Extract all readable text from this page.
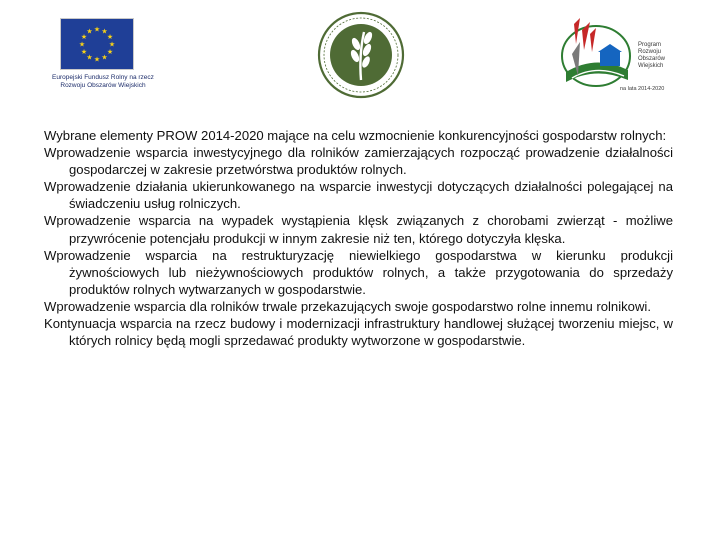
★ ★
★
★
★
★
★
★
★
★
★
★
Europejski Fundusz Rolny na rzecz
Rozwoju Obszarów Wiejskich
Program
Rozwoju
Obszarów
Wiejskich
na lata 2014-2020

Wybrane elementy PROW 2014-2020 mające na celu wzmocnienie konkurencyjności gospodarstw rolnych:

Wprowadzenie wsparcia inwestycyjnego dla rolników zamierzających rozpocząć prowadzenie działalności gospodarczej w zakresie przetwórstwa produktów rolnych.

Wprowadzenie działania ukierunkowanego na wsparcie inwestycji dotyczących działalności polegającej na świadczeniu usług rolniczych.

Wprowadzenie wsparcia na wypadek wystąpienia klęsk związanych z chorobami zwierząt - możliwe przywrócenie potencjału produkcji w innym zakresie niż ten, którego dotyczyła klęska.

Wprowadzenie wsparcia na restrukturyzację niewielkiego gospodarstwa w kierunku produkcji żywnościowych lub nieżywnościowych produktów rolnych, a także przygotowania do sprzedaży produktów rolnych wytwarzanych w gospodarstwie.

Wprowadzenie wsparcia dla rolników trwale przekazujących swoje gospodarstwo rolne innemu rolnikowi.

Kontynuacja wsparcia na rzecz budowy i modernizacji infrastruktury handlowej służącej tworzeniu miejsc, w których rolnicy będą mogli sprzedawać produkty wytworzone w gospodarstwie.
